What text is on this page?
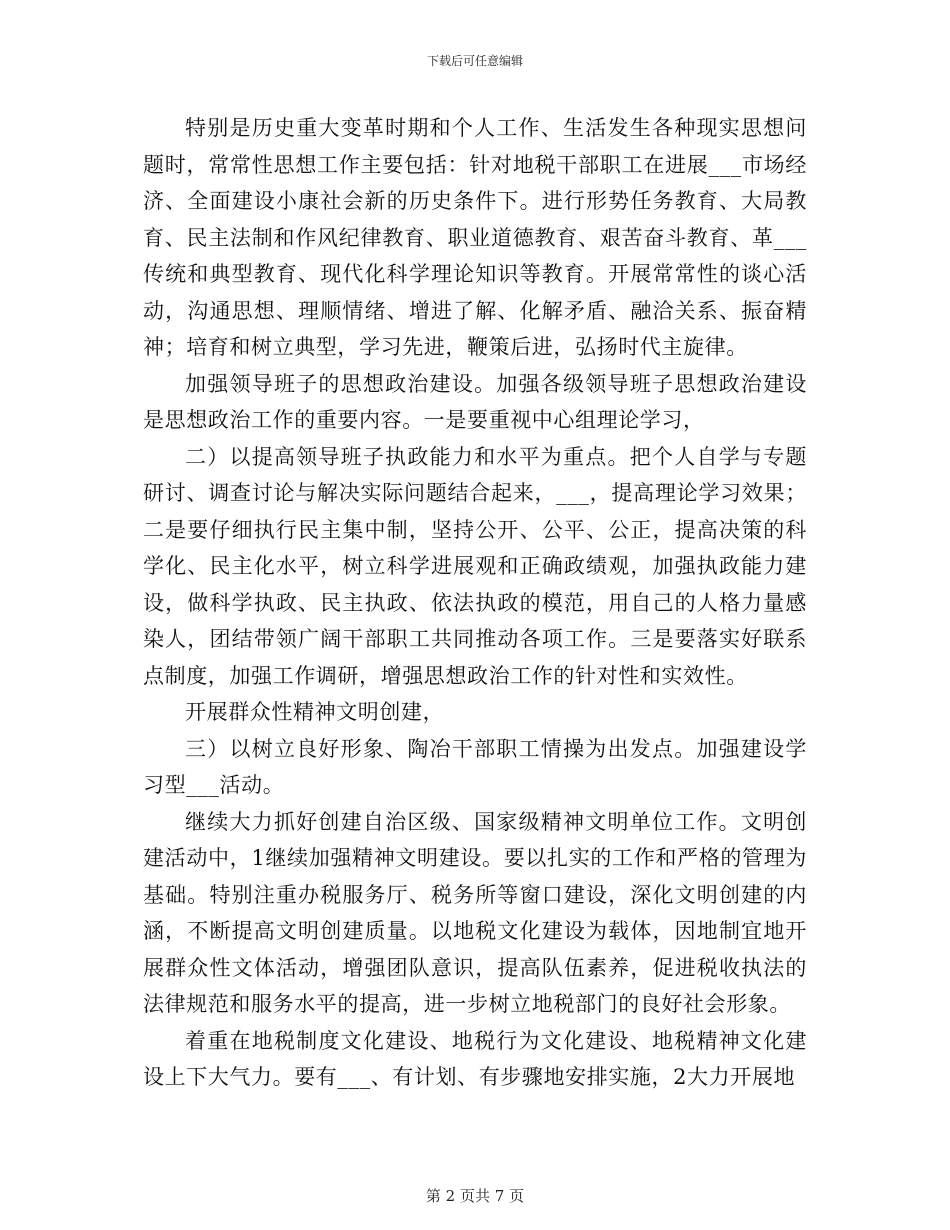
下载后可任意编辑

特别是历史重大变革时期和个人工作、生活发生各种现实思想问题时，常常性思想工作主要包括：针对地税干部职工在进展___市场经济、全面建设小康社会新的历史条件下。进行形势任务教育、大局教育、民主法制和作风纪律教育、职业道德教育、艰苦奋斗教育、革___传统和典型教育、现代化科学理论知识等教育。开展常常性的谈心活动，沟通思想、理顺情绪、增进了解、化解矛盾、融洽关系、振奋精神；培育和树立典型，学习先进，鞭策后进，弘扬时代主旋律。

加强领导班子的思想政治建设。加强各级领导班子思想政治建设是思想政治工作的重要内容。一是要重视中心组理论学习，

二）以提高领导班子执政能力和水平为重点。把个人自学与专题研讨、调查讨论与解决实际问题结合起来，___，提高理论学习效果；二是要仔细执行民主集中制，坚持公开、公平、公正，提高决策的科学化、民主化水平，树立科学进展观和正确政绩观，加强执政能力建设，做科学执政、民主执政、依法执政的模范，用自己的人格力量感染人，团结带领广阔干部职工共同推动各项工作。三是要落实好联系点制度，加强工作调研，增强思想政治工作的针对性和实效性。

开展群众性精神文明创建，

三）以树立良好形象、陶冶干部职工情操为出发点。加强建设学习型___活动。

继续大力抓好创建自治区级、国家级精神文明单位工作。文明创建活动中，1继续加强精神文明建设。要以扎实的工作和严格的管理为基础。特别注重办税服务厅、税务所等窗口建设，深化文明创建的内涵，不断提高文明创建质量。以地税文化建设为载体，因地制宜地开展群众性文体活动，增强团队意识，提高队伍素养，促进税收执法的法律规范和服务水平的提高，进一步树立地税部门的良好社会形象。

着重在地税制度文化建设、地税行为文化建设、地税精神文化建设上下大气力。要有___、有计划、有步骤地安排实施，2大力开展地

第 2 页共 7 页
